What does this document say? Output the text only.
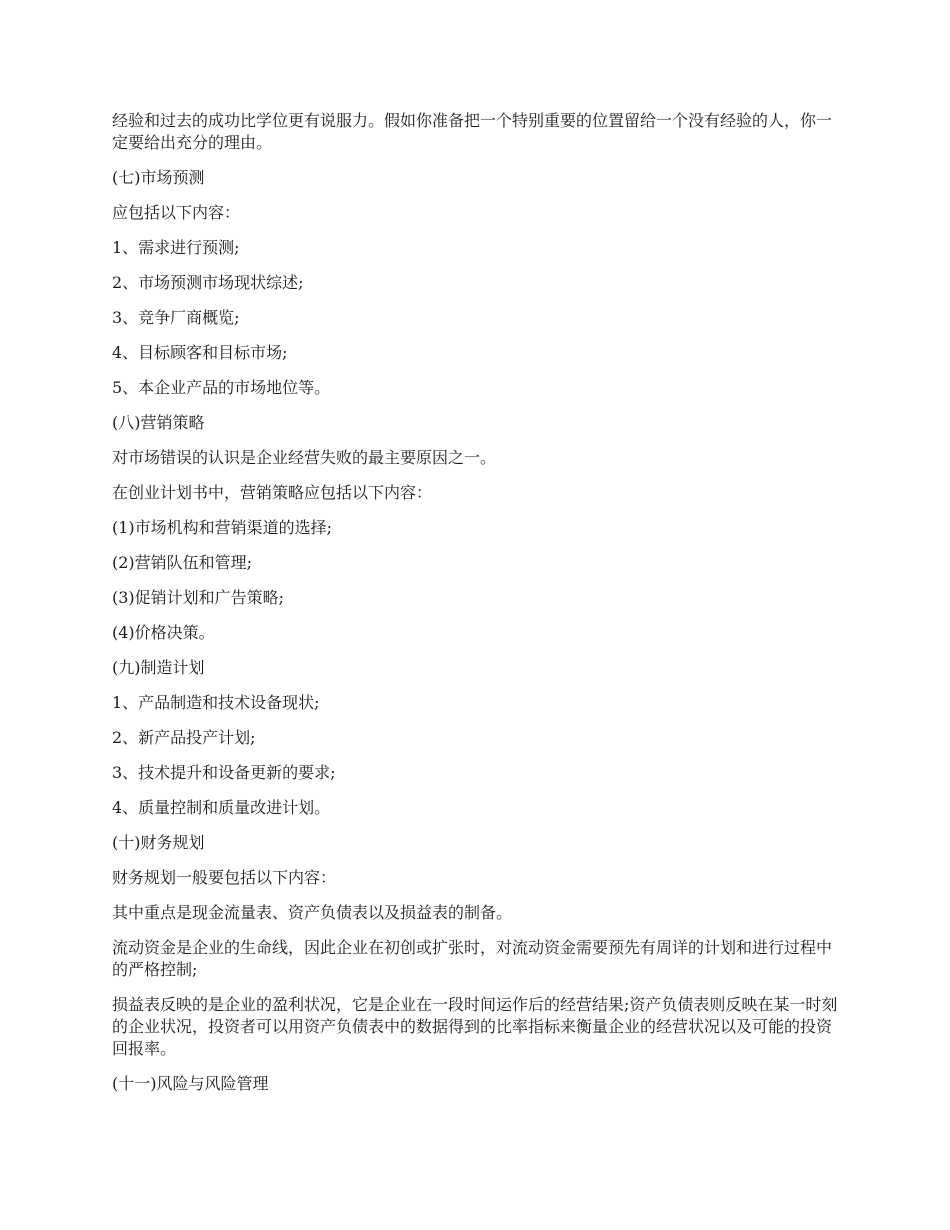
经验和过去的成功比学位更有说服力。假如你准备把一个特别重要的位置留给一个没有经验的人，你一定要给出充分的理由。

(七)市场预测

应包括以下内容：

1、需求进行预测;

2、市场预测市场现状综述;

3、竞争厂商概览;

4、目标顾客和目标市场;

5、本企业产品的市场地位等。

(八)营销策略

对市场错误的认识是企业经营失败的最主要原因之一。

在创业计划书中，营销策略应包括以下内容：

(1)市场机构和营销渠道的选择;

(2)营销队伍和管理;

(3)促销计划和广告策略;

(4)价格决策。

(九)制造计划

1、产品制造和技术设备现状;

2、新产品投产计划;

3、技术提升和设备更新的要求;

4、质量控制和质量改进计划。

(十)财务规划

财务规划一般要包括以下内容：

其中重点是现金流量表、资产负债表以及损益表的制备。

流动资金是企业的生命线，因此企业在初创或扩张时，对流动资金需要预先有周详的计划和进行过程中的严格控制;

损益表反映的是企业的盈利状况，它是企业在一段时间运作后的经营结果;资产负债表则反映在某一时刻的企业状况，投资者可以用资产负债表中的数据得到的比率指标来衡量企业的经营状况以及可能的投资回报率。

(十一)风险与风险管理
